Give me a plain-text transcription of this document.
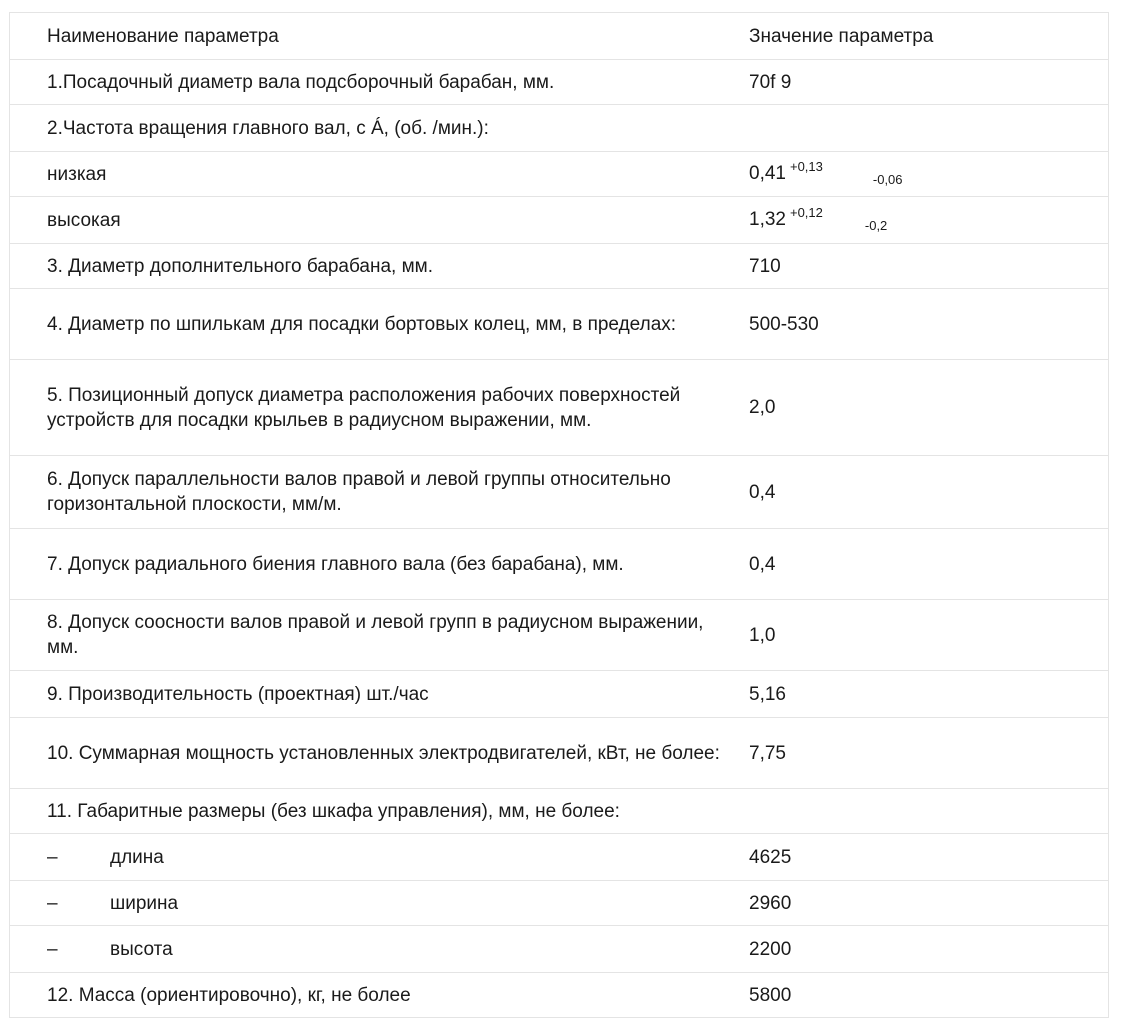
Наименование параметра	Значение параметра
1.Посадочный диаметр вала подсборочный барабан, мм.	70f 9
2.Частота вращения главного вал, с Á, (об. /мин.):	
низкая	0,41 +0,13
-0,06

высокая	1,32 +0,12
-0,2

3. Диаметр дополнительного барабана, мм.	710
4. Диаметр по шпилькам для посадки бортовых колец, мм, в пределах:	500-530
5. Позиционный допуск диаметра расположения рабочих поверхностей устройств для посадки крыльев в радиусном выражении, мм.	2,0
6. Допуск параллельности валов правой и левой группы относительно горизонтальной плоскости, мм/м.	0,4
7. Допуск радиального биения главного вала (без барабана), мм.	0,4
8. Допуск соосности валов правой и левой групп в радиусном выражении, мм.	1,0
9. Производительность (проектная) шт./час	5,16
10. Суммарная мощность установленных электродвигателей, кВт, не более:	7,75
11. Габаритные размеры (без шкафа управления), мм, не более:	

– длина	4625

– ширина	2960

– высота	2200
12. Масса (ориентировочно), кг, не более	5800
